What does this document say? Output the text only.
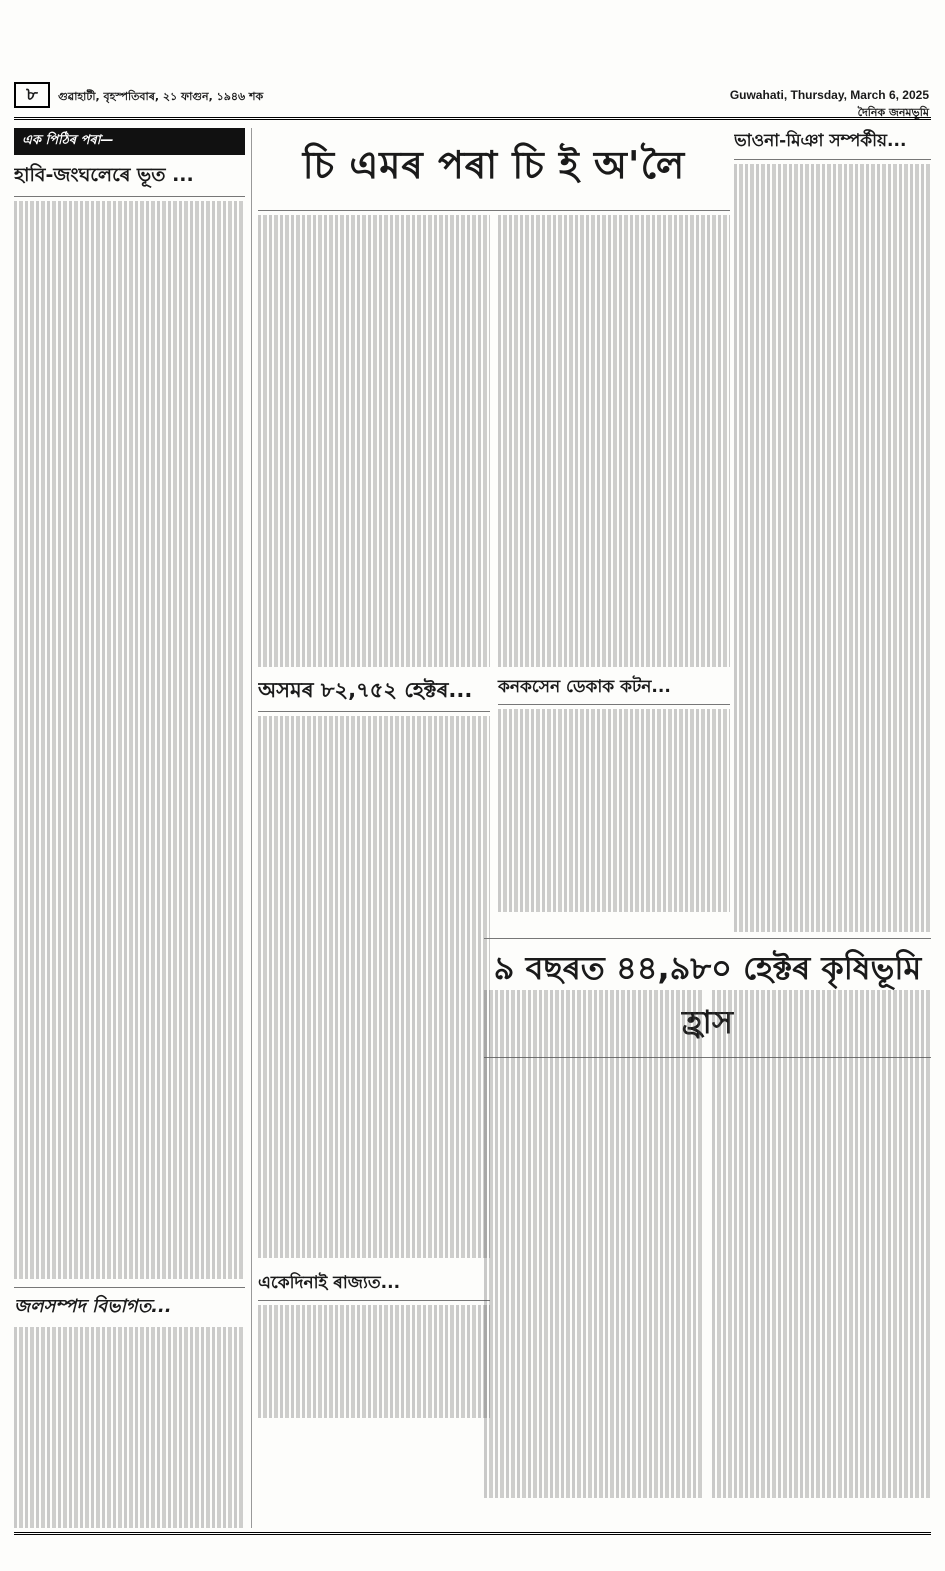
৮	গুৱাহাটী, বৃহস্পতিবাৰ, ২১ ফাগুন, ১৯৪৬ শক	Guwahati, Thursday, March 6, 2025
দৈনিক জনমভূমি
এক পিঠিৰ পৰা—
হাবি-জংঘলেৰে ভূত ...
জলসম্পদ বিভাগত...
চি এমৰ পৰা চি ই অ'লৈ
অসমৰ ৮২,৭৫২ হেক্টৰ...
একেদিনাই ৰাজ্যত...
কনকসেন ডেকাক কটন...
ভাওনা-মিঞা সম্পৰ্কীয়...
৯ বছৰত ৪৪,৯৮০ হেক্টৰ কৃষিভূমি হ্ৰাস
